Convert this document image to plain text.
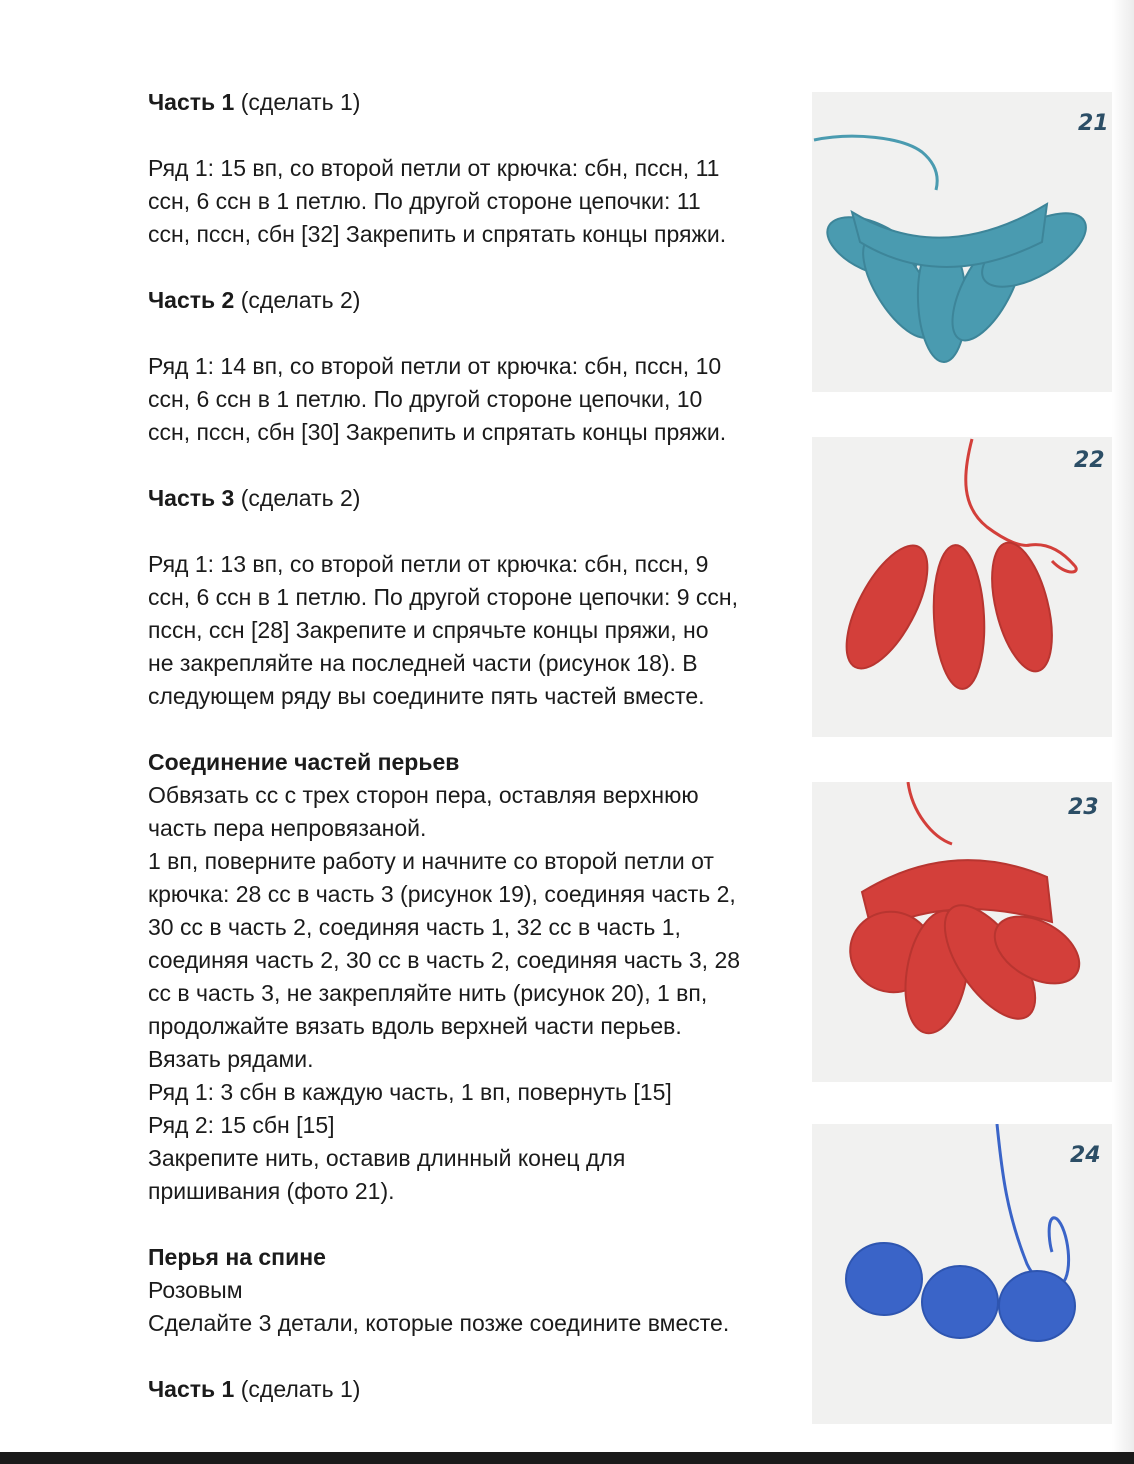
Часть 1 (сделать 1)

Ряд 1: 15 вп, со второй петли от крючка: сбн, пссн, 11
ссн, 6 ссн в 1 петлю. По другой стороне цепочки: 11
ссн, пссн, сбн [32] Закрепить и спрятать концы пряжи.

Часть 2 (сделать 2)

Ряд 1: 14 вп, со второй петли от крючка: сбн, пссн, 10
ссн, 6 ссн в 1 петлю. По другой стороне цепочки, 10
ссн, пссн, сбн [30] Закрепить и спрятать концы пряжи.

Часть 3 (сделать 2)

Ряд 1: 13 вп, со второй петли от крючка: сбн, пссн, 9
ссн, 6 ссн в 1 петлю. По другой стороне цепочки: 9 ссн,
пссн, ссн [28] Закрепите и спрячьте концы пряжи, но
не закрепляйте на последней части (рисунок 18). В
следующем ряду вы соедините пять частей вместе.
Соединение частей перьев
Обвязать сс с трех сторон пера, оставляя верхнюю
часть пера непровязаной.
1 вп, поверните работу и начните со второй петли от
крючка: 28 сс в часть 3 (рисунок 19), соединяя часть 2,
30 сс в часть 2, соединяя часть 1, 32 сс в часть 1,
соединяя часть 2, 30 сс в часть 2, соединяя часть 3, 28
сс в часть 3, не закрепляйте нить (рисунок 20), 1 вп,
продолжайте вязать вдоль верхней части перьев.
Вязать рядами.
Ряд 1: 3 сбн в каждую часть, 1 вп, повернуть [15]
Ряд 2: 15 сбн [15]
Закрепите нить, оставив длинный конец для
пришивания (фото 21).
Перья на спине
Розовым
Сделайте 3 детали, которые позже соедините вместе.

Часть 1 (сделать 1)

21
22
23
24
